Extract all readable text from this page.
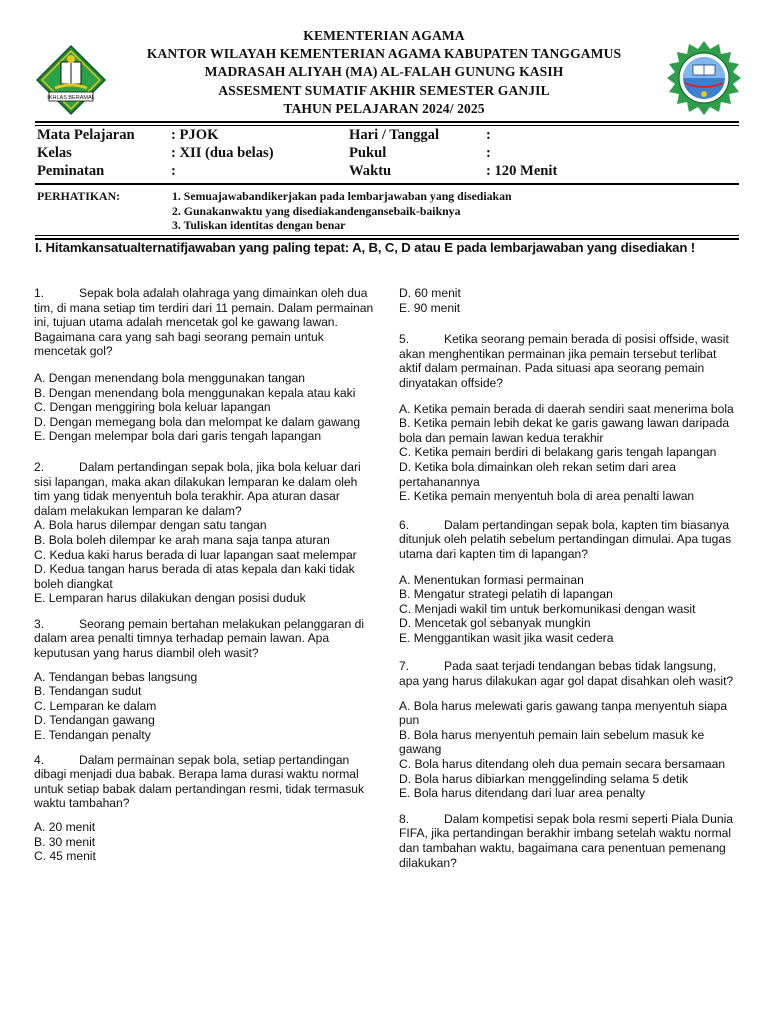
IKHLAS BERAMAL
KEMENTERIAN AGAMA
KANTOR WILAYAH KEMENTERIAN AGAMA KABUPATEN TANGGAMUS
MADRASAH ALIYAH (MA) AL-FALAH GUNUNG KASIH
ASSESMENT SUMATIF AKHIR SEMESTER GANJIL
TAHUN PELAJARAN 2024/ 2025
Mata Pelajaran : PJOK	Hari / Tanggal	:
Kelas	: XII (dua belas)	Pukul	:
Peminatan	:	Waktu	: 120 Menit
PERHATIKAN:	1. Semuajawabandikerjakan pada lembarjawaban yang disediakan
2. Gunakanwaktu yang disediakandengansebaik-baiknya
3. Tuliskan identitas dengan benar
I. Hitamkansatualternatifjawaban yang paling tepat: A, B, C, D atau E pada lembarjawaban yang disediakan !
1.	Sepak bola adalah olahraga yang dimainkan oleh dua tim, di mana setiap tim terdiri dari 11 pemain. Dalam permainan ini, tujuan utama adalah mencetak gol ke gawang lawan. Bagaimana cara yang sah bagi seorang pemain untuk mencetak gol?
A. Dengan menendang bola menggunakan tangan
B. Dengan menendang bola menggunakan kepala atau kaki
C. Dengan menggiring bola keluar lapangan
D. Dengan memegang bola dan melompat ke dalam gawang
E. Dengan melempar bola dari garis tengah lapangan
2.	Dalam pertandingan sepak bola, jika bola keluar dari sisi lapangan, maka akan dilakukan lemparan ke dalam oleh tim yang tidak menyentuh bola terakhir. Apa aturan dasar dalam melakukan lemparan ke dalam?
A. Bola harus dilempar dengan satu tangan
B. Bola boleh dilempar ke arah mana saja tanpa aturan
C. Kedua kaki harus berada di luar lapangan saat melempar
D. Kedua tangan harus berada di atas kepala dan kaki tidak boleh diangkat
E. Lemparan harus dilakukan dengan posisi duduk
3.	Seorang pemain bertahan melakukan pelanggaran di dalam area penalti timnya terhadap pemain lawan. Apa keputusan yang harus diambil oleh wasit?
A. Tendangan bebas langsung
B. Tendangan sudut
C. Lemparan ke dalam
D. Tendangan gawang
E. Tendangan penalty
4.	Dalam permainan sepak bola, setiap pertandingan dibagi menjadi dua babak. Berapa lama durasi waktu normal untuk setiap babak dalam pertandingan resmi, tidak termasuk waktu tambahan?
A. 20 menit
B. 30 menit
C. 45 menit
D. 60 menit
E. 90 menit
5.	Ketika seorang pemain berada di posisi offside, wasit akan menghentikan permainan jika pemain tersebut terlibat aktif dalam permainan. Pada situasi apa seorang pemain dinyatakan offside?
A. Ketika pemain berada di daerah sendiri saat menerima bola
B. Ketika pemain lebih dekat ke garis gawang lawan daripada bola dan pemain lawan kedua terakhir
C. Ketika pemain berdiri di belakang garis tengah lapangan
D. Ketika bola dimainkan oleh rekan setim dari area pertahanannya
E. Ketika pemain menyentuh bola di area penalti lawan
6.	Dalam pertandingan sepak bola, kapten tim biasanya ditunjuk oleh pelatih sebelum pertandingan dimulai. Apa tugas utama dari kapten tim di lapangan?
A. Menentukan formasi permainan
B. Mengatur strategi pelatih di lapangan
C. Menjadi wakil tim untuk berkomunikasi dengan wasit
D. Mencetak gol sebanyak mungkin
E. Menggantikan wasit jika wasit cedera
7.	Pada saat terjadi tendangan bebas tidak langsung, apa yang harus dilakukan agar gol dapat disahkan oleh wasit?
A. Bola harus melewati garis gawang tanpa menyentuh siapa pun
B. Bola harus menyentuh pemain lain sebelum masuk ke gawang
C. Bola harus ditendang oleh dua pemain secara bersamaan
D. Bola harus dibiarkan menggelinding selama 5 detik
E. Bola harus ditendang dari luar area penalty
8.	Dalam kompetisi sepak bola resmi seperti Piala Dunia FIFA, jika pertandingan berakhir imbang setelah waktu normal dan tambahan waktu, bagaimana cara penentuan pemenang dilakukan?
